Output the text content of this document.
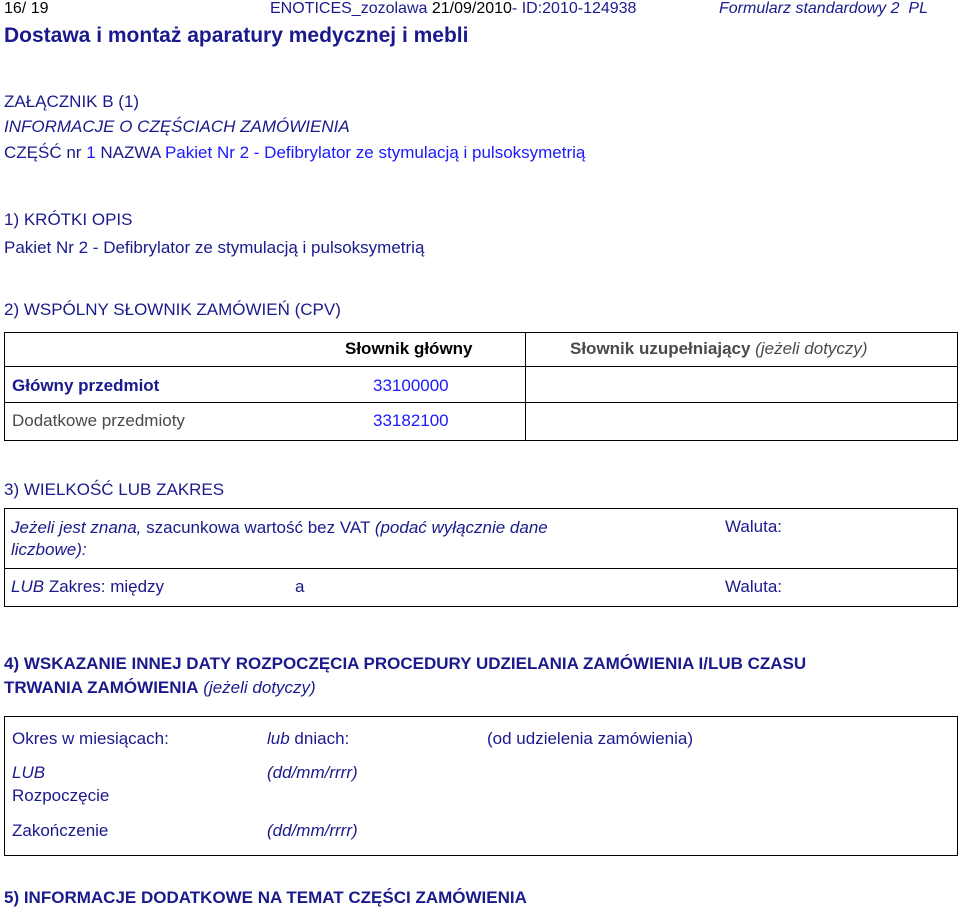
16/ 19	ENOTICES_zozolawa 21/09/2010- ID:2010-124938	Formularz standardowy 2 PL
Dostawa i montaż aparatury medycznej i mebli
ZAŁĄCZNIK B (1)
INFORMACJE O CZĘŚCIACH ZAMÓWIENIA
CZĘŚĆ nr 1 NAZWA Pakiet Nr 2 - Defibrylator ze stymulacją i pulsoksymetrią
1) KRÓTKI OPIS
Pakiet Nr 2 - Defibrylator ze stymulacją i pulsoksymetrią
2) WSPÓLNY SŁOWNIK ZAMÓWIEŃ (CPV)

	Słownik główny	Słownik uzupełniający (jeżeli dotyczy)

Główny przedmiot	33100000	

Dodatkowe przedmioty	33182100	

3) WIELKOŚĆ LUB ZAKRES
Jeżeli jest znana, szacunkowa wartość bez VAT (podać wyłącznie dane
liczbowe):	Waluta:

LUB Zakres: między a	Waluta:
4) WSKAZANIE INNEJ DATY ROZPOCZĘCIA PROCEDURY UDZIELANIA ZAMÓWIENIA I/LUB CZASU
TRWANIA ZAMÓWIENIA (jeżeli dotyczy)
Okres w miesiącach:	lub dniach:	(od udzielenia zamówienia)
LUB
Rozpoczęcie
(dd/mm/rrrr)
Zakończenie	(dd/mm/rrrr)
5) INFORMACJE DODATKOWE NA TEMAT CZĘŚCI ZAMÓWIENIA
